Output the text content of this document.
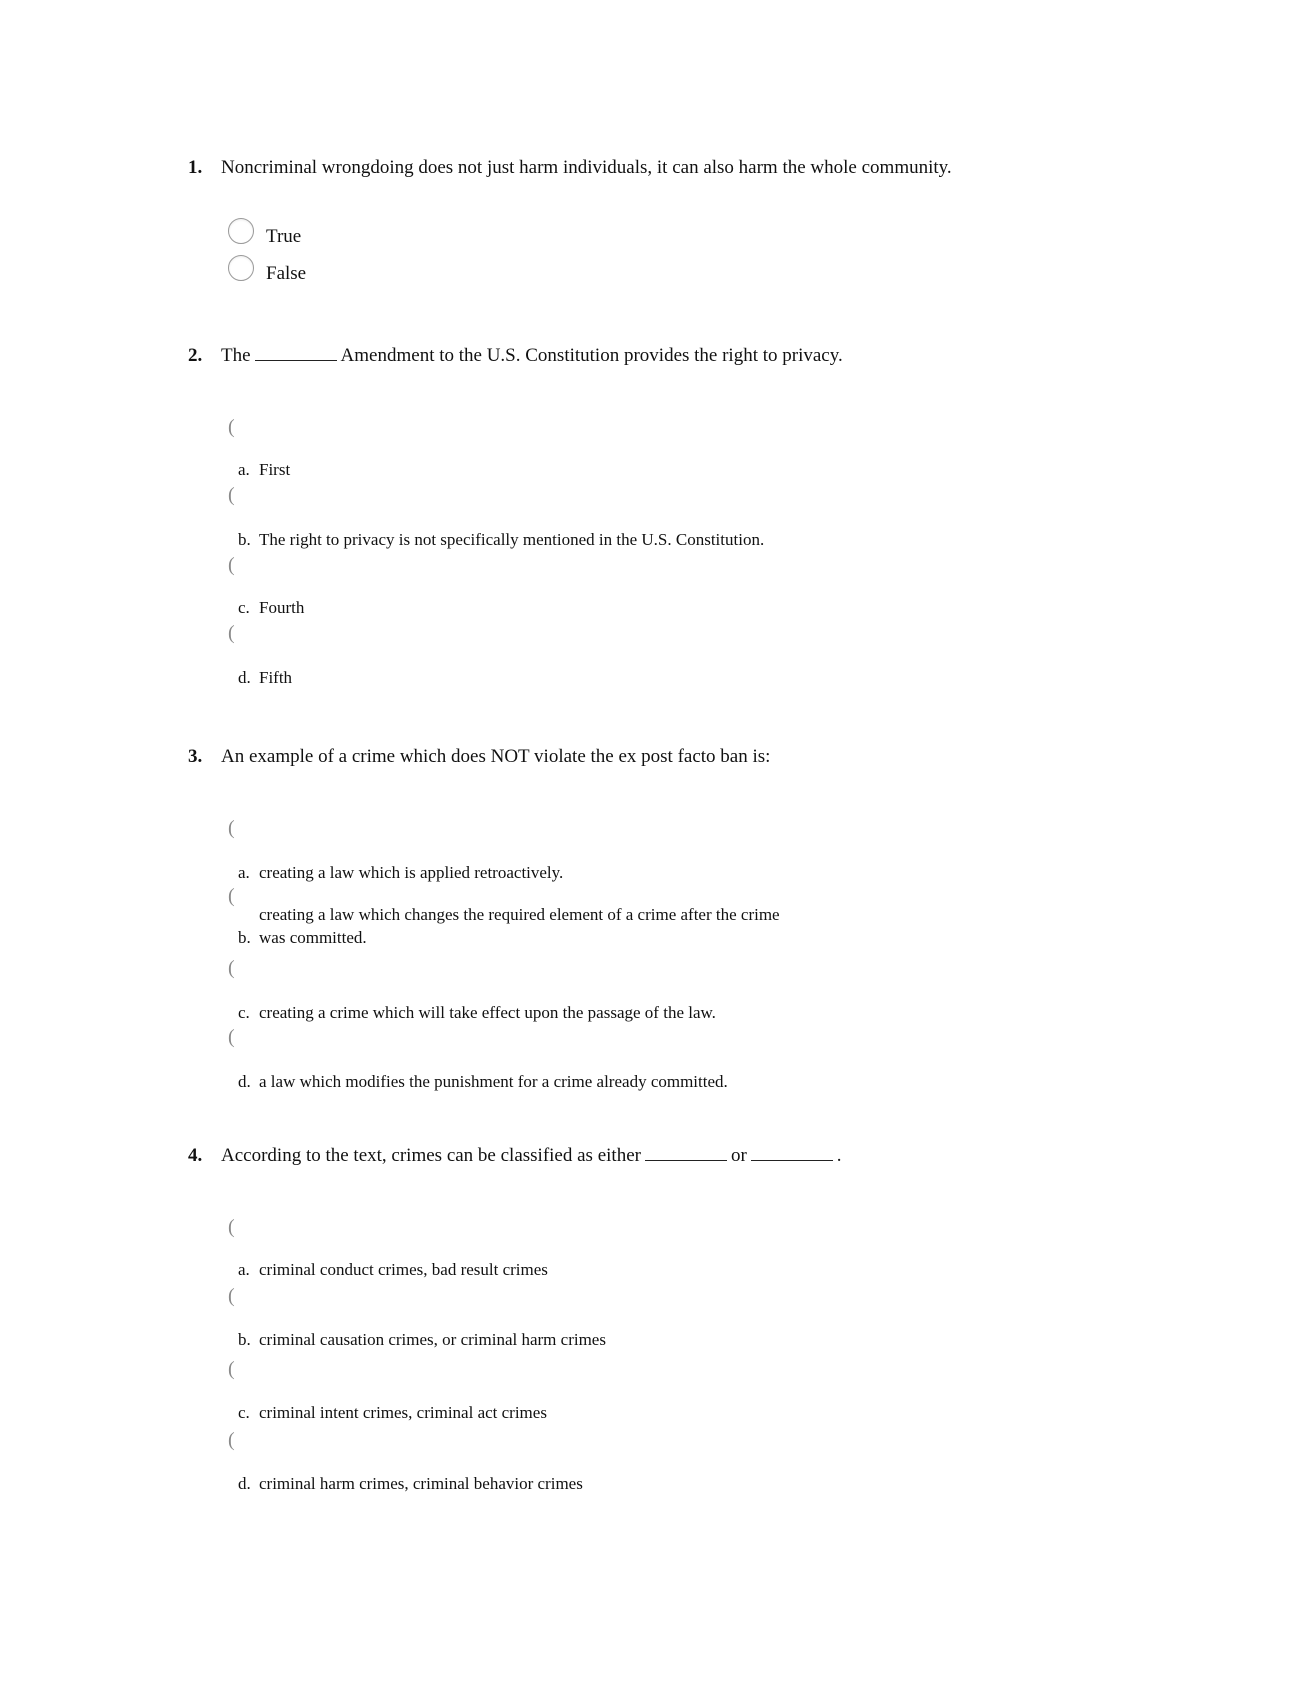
1. Noncriminal wrongdoing does not just harm individuals, it can also harm the whole community.
True
False
2. The	Amendment to the U.S. Constitution provides the right to privacy.
(
a. First
(
b. The right to privacy is not specifically mentioned in the U.S. Constitution.
(
c. Fourth
(
d. Fifth
3. An example of a crime which does NOT violate the ex post facto ban is:
(
a. creating a law which is applied retroactively.
(
creating a law which changes the required element of a crime after the crime
b. was committed.
(
c. creating a crime which will take effect upon the passage of the law.
(
d. a law which modifies the punishment for a crime already committed.
4. According to the text, crimes can be classified as either	or	.
(
a. criminal conduct crimes, bad result crimes
(
b. criminal causation crimes, or criminal harm crimes
(
c. criminal intent crimes, criminal act crimes
(
d. criminal harm crimes, criminal behavior crimes
